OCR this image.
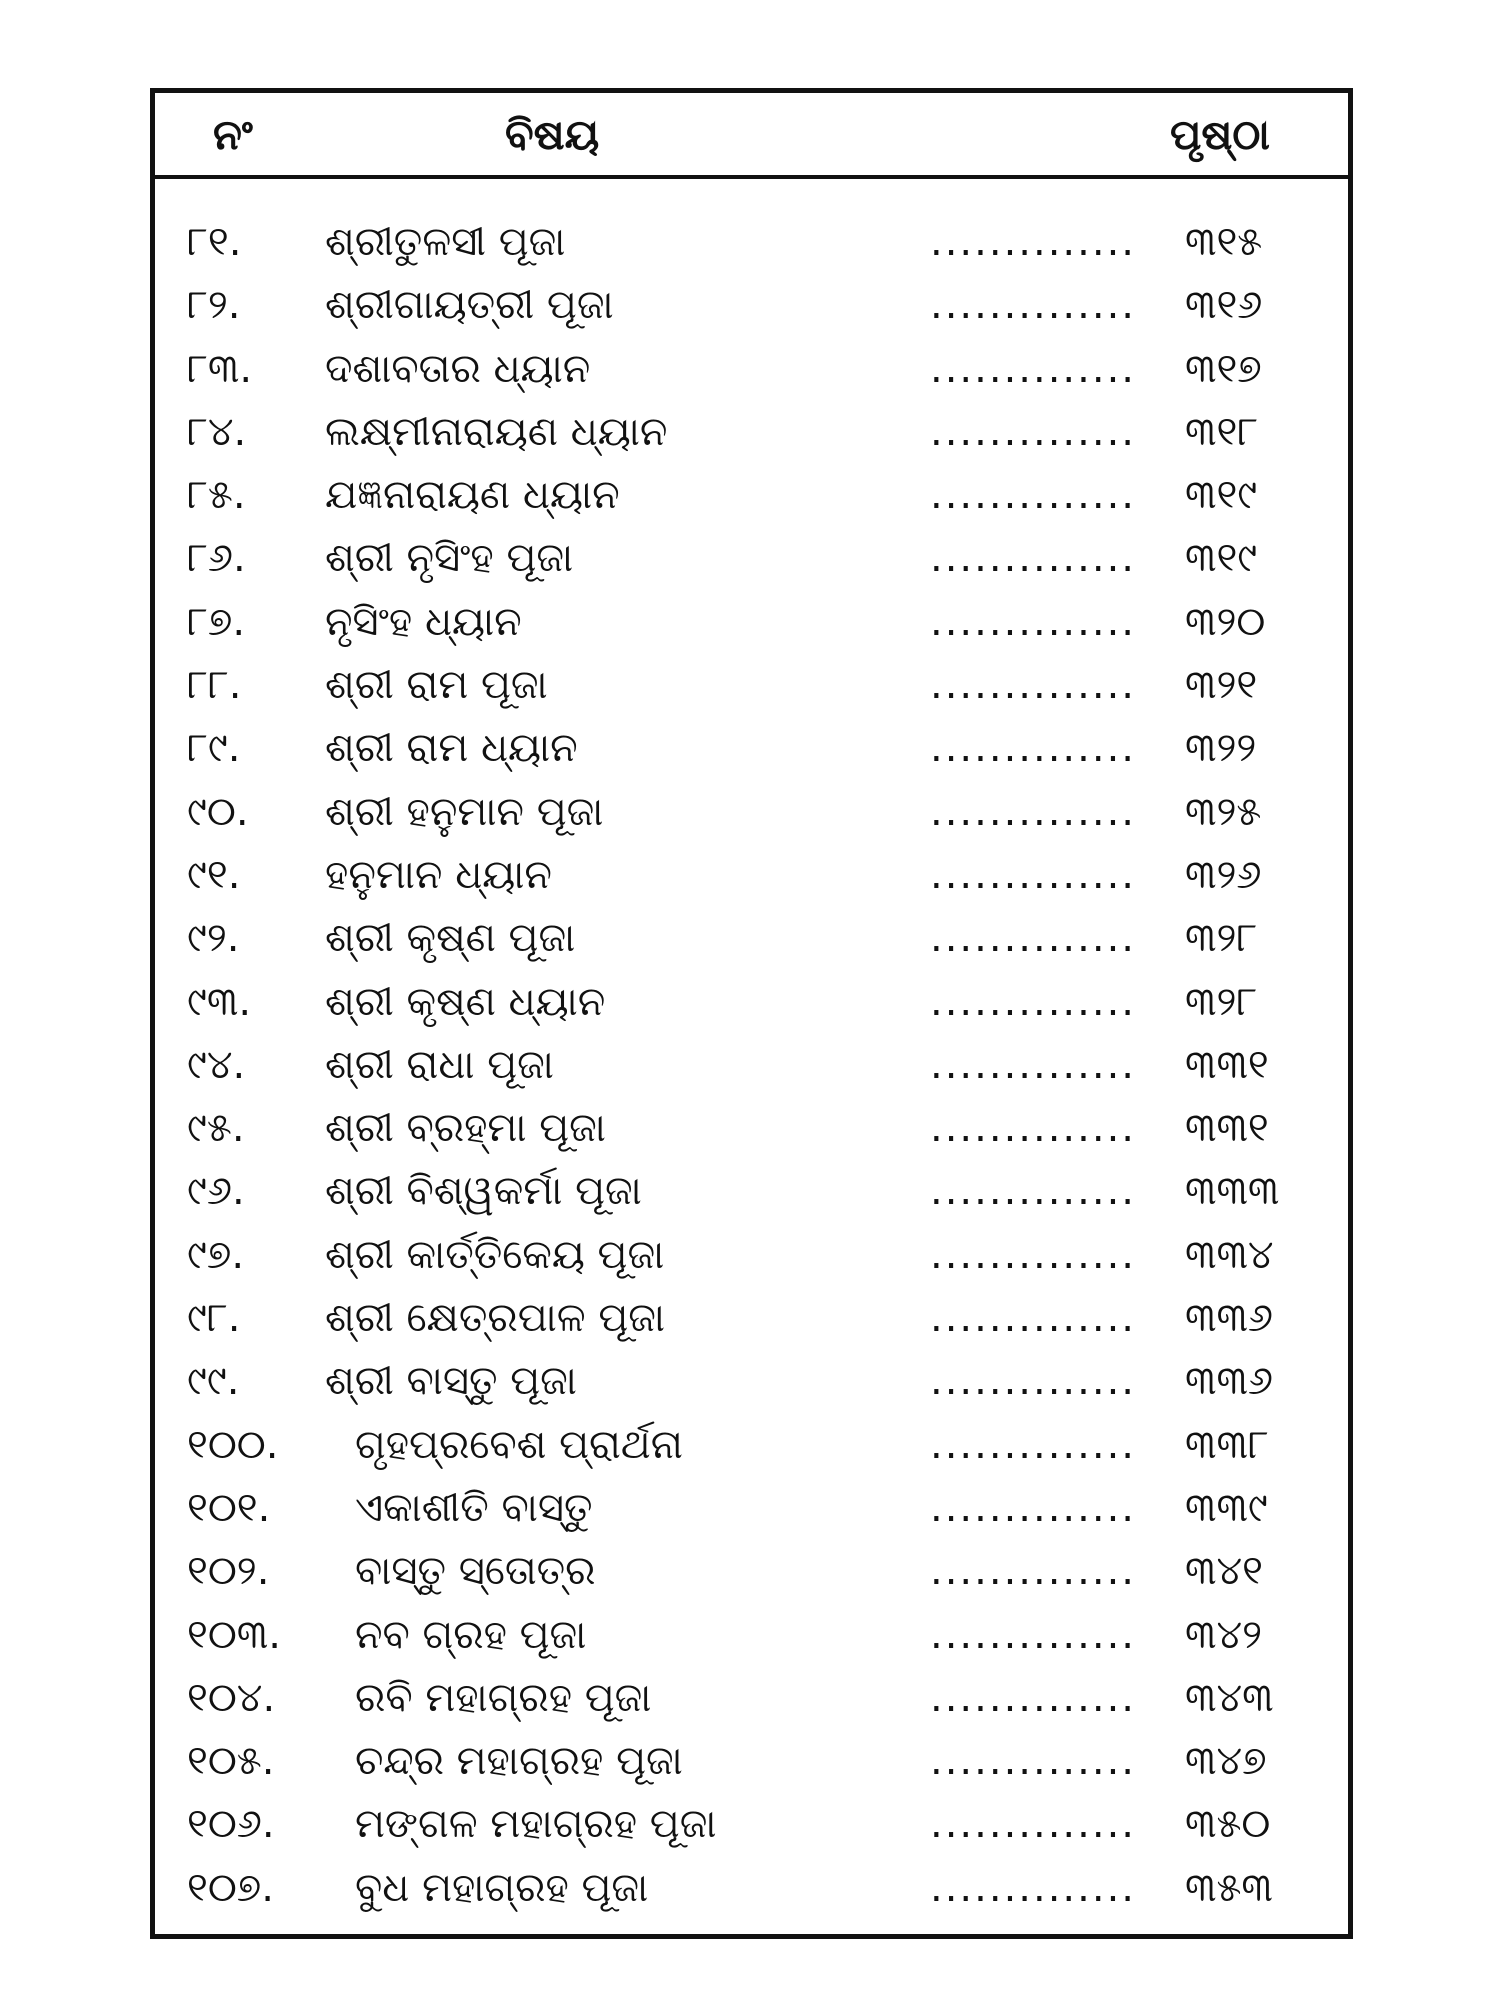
ନଂ	ବିଷୟ	ପୃଷ୍ଠା
୮୧. ଶ୍ରୀତୁଳସୀ ପୂଜା	.............. ୩୧୫
୮୨. ଶ୍ରୀଗାୟତ୍ରୀ ପୂଜା	.............. ୩୧୬
୮୩. ଦଶାବତାର ଧ୍ୟାନ	.............. ୩୧୭
୮୪. ଲକ୍ଷ୍ମୀନାରାୟଣ ଧ୍ୟାନ	.............. ୩୧୮
୮୫. ଯଜ୍ଞନାରାୟଣ ଧ୍ୟାନ	.............. ୩୧୯
୮୬. ଶ୍ରୀ ନୃସିଂହ ପୂଜା	.............. ୩୧୯
୮୭. ନୃସିଂହ ଧ୍ୟାନ	.............. ୩୨୦
୮୮. ଶ୍ରୀ ରାମ ପୂଜା	.............. ୩୨୧
୮୯. ଶ୍ରୀ ରାମ ଧ୍ୟାନ	.............. ୩୨୨
୯୦. ଶ୍ରୀ ହନୁମାନ ପୂଜା	.............. ୩୨୫
୯୧. ହନୁମାନ ଧ୍ୟାନ	.............. ୩୨୬
୯୨. ଶ୍ରୀ କୃଷ୍ଣ ପୂଜା	.............. ୩୨୮
୯୩. ଶ୍ରୀ କୃଷ୍ଣ ଧ୍ୟାନ	.............. ୩୨୮
୯୪. ଶ୍ରୀ ରାଧା ପୂଜା	.............. ୩୩୧
୯୫. ଶ୍ରୀ ବ୍ରହ୍ମା ପୂଜା	.............. ୩୩୧
୯୬. ଶ୍ରୀ ବିଶ୍ୱକର୍ମା ପୂଜା	.............. ୩୩୩
୯୭. ଶ୍ରୀ କାର୍ତ୍ତିକେୟ ପୂଜା	.............. ୩୩୪
୯୮. ଶ୍ରୀ କ୍ଷେତ୍ରପାଳ ପୂଜା	.............. ୩୩୬
୯୯. ଶ୍ରୀ ବାସ୍ତୁ ପୂଜା	.............. ୩୩୬
୧୦୦. ଗୃହପ୍ରବେଶ ପ୍ରାର୍ଥନା	.............. ୩୩୮
୧୦୧. ଏକାଶୀତି ବାସ୍ତୁ	.............. ୩୩୯
୧୦୨. ବାସ୍ତୁ ସ୍ତୋତ୍ର	.............. ୩୪୧
୧୦୩. ନବ ଗ୍ରହ ପୂଜା	.............. ୩୪୨
୧୦୪. ରବି ମହାଗ୍ରହ ପୂଜା	.............. ୩୪୩
୧୦୫. ଚନ୍ଦ୍ର ମହାଗ୍ରହ ପୂଜା	.............. ୩୪୭
୧୦୬. ମଙ୍ଗଳ ମହାଗ୍ରହ ପୂଜା	.............. ୩୫୦
୧୦୭. ବୁଧ ମହାଗ୍ରହ ପୂଜା	.............. ୩୫୩
